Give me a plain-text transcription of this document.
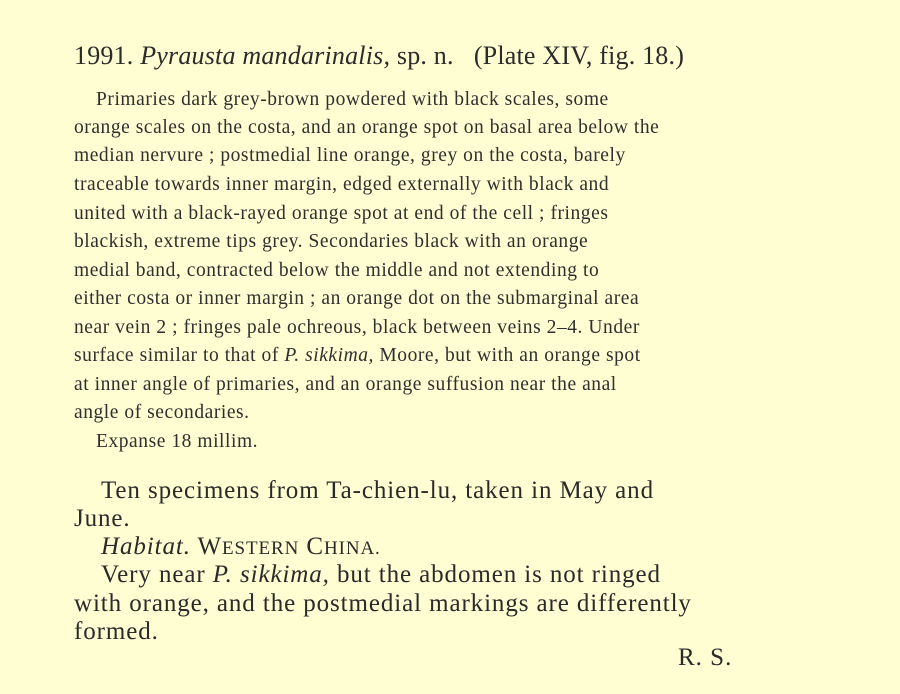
1991. Pyrausta mandarinalis, sp. n. (Plate XIV, fig. 18.)
Primaries dark grey-brown powdered with black scales, some
orange scales on the costa, and an orange spot on basal area below the
median nervure ; postmedial line orange, grey on the costa, barely
traceable towards inner margin, edged externally with black and
united with a black-rayed orange spot at end of the cell ; fringes
blackish, extreme tips grey. Secondaries black with an orange
medial band, contracted below the middle and not extending to
either costa or inner margin ; an orange dot on the submarginal area
near vein 2 ; fringes pale ochreous, black between veins 2–4. Under
surface similar to that of P. sikkima, Moore, but with an orange spot
at inner angle of primaries, and an orange suffusion near the anal
angle of secondaries.
Expanse 18 millim.
Ten specimens from Ta-chien-lu, taken in May and
June.
Habitat. WESTERN CHINA.
Very near P. sikkima, but the abdomen is not ringed
with orange, and the postmedial markings are differently
formed.
R. S.
